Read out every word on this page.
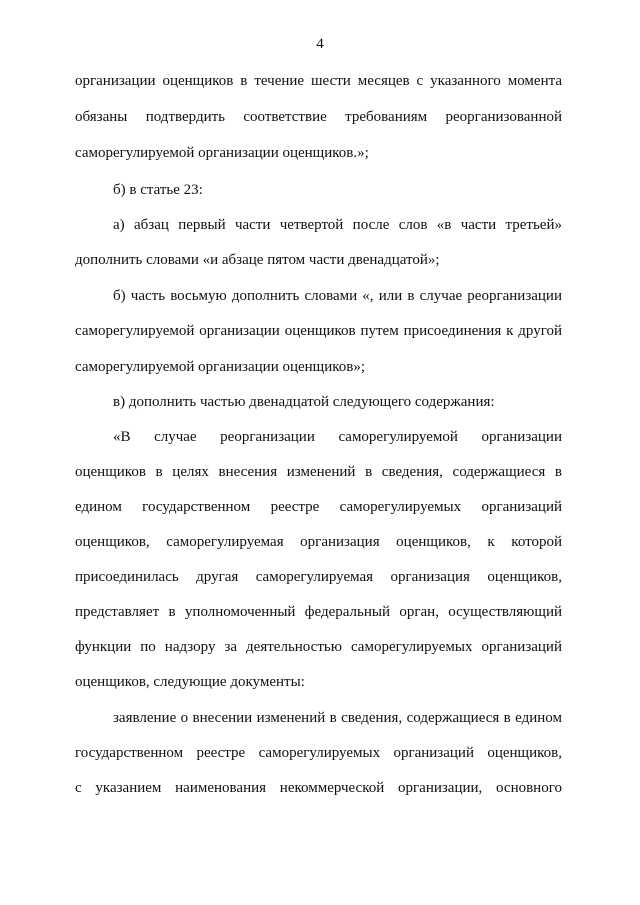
4
организации оценщиков в течение шести месяцев с указанного момента
обязаны подтвердить соответствие требованиям реорганизованной
саморегулируемой организации оценщиков.»;
б) в статье 23:
а) абзац первый части четвертой после слов «в части третьей»
дополнить словами «и абзаце пятом части двенадцатой»;
б) часть восьмую дополнить словами «, или в случае реорганизации
саморегулируемой организации оценщиков путем присоединения к другой
саморегулируемой организации оценщиков»;
в) дополнить частью двенадцатой следующего содержания:
«В случае реорганизации саморегулируемой организации
оценщиков в целях внесения изменений в сведения, содержащиеся в
едином государственном реестре саморегулируемых организаций
оценщиков, саморегулируемая организация оценщиков, к которой
присоединилась другая саморегулируемая организация оценщиков,
представляет в уполномоченный федеральный орган, осуществляющий
функции по надзору за деятельностью саморегулируемых организаций
оценщиков, следующие документы:
заявление о внесении изменений в сведения, содержащиеся в едином
государственном реестре саморегулируемых организаций оценщиков,
с указанием наименования некоммерческой организации, основного
